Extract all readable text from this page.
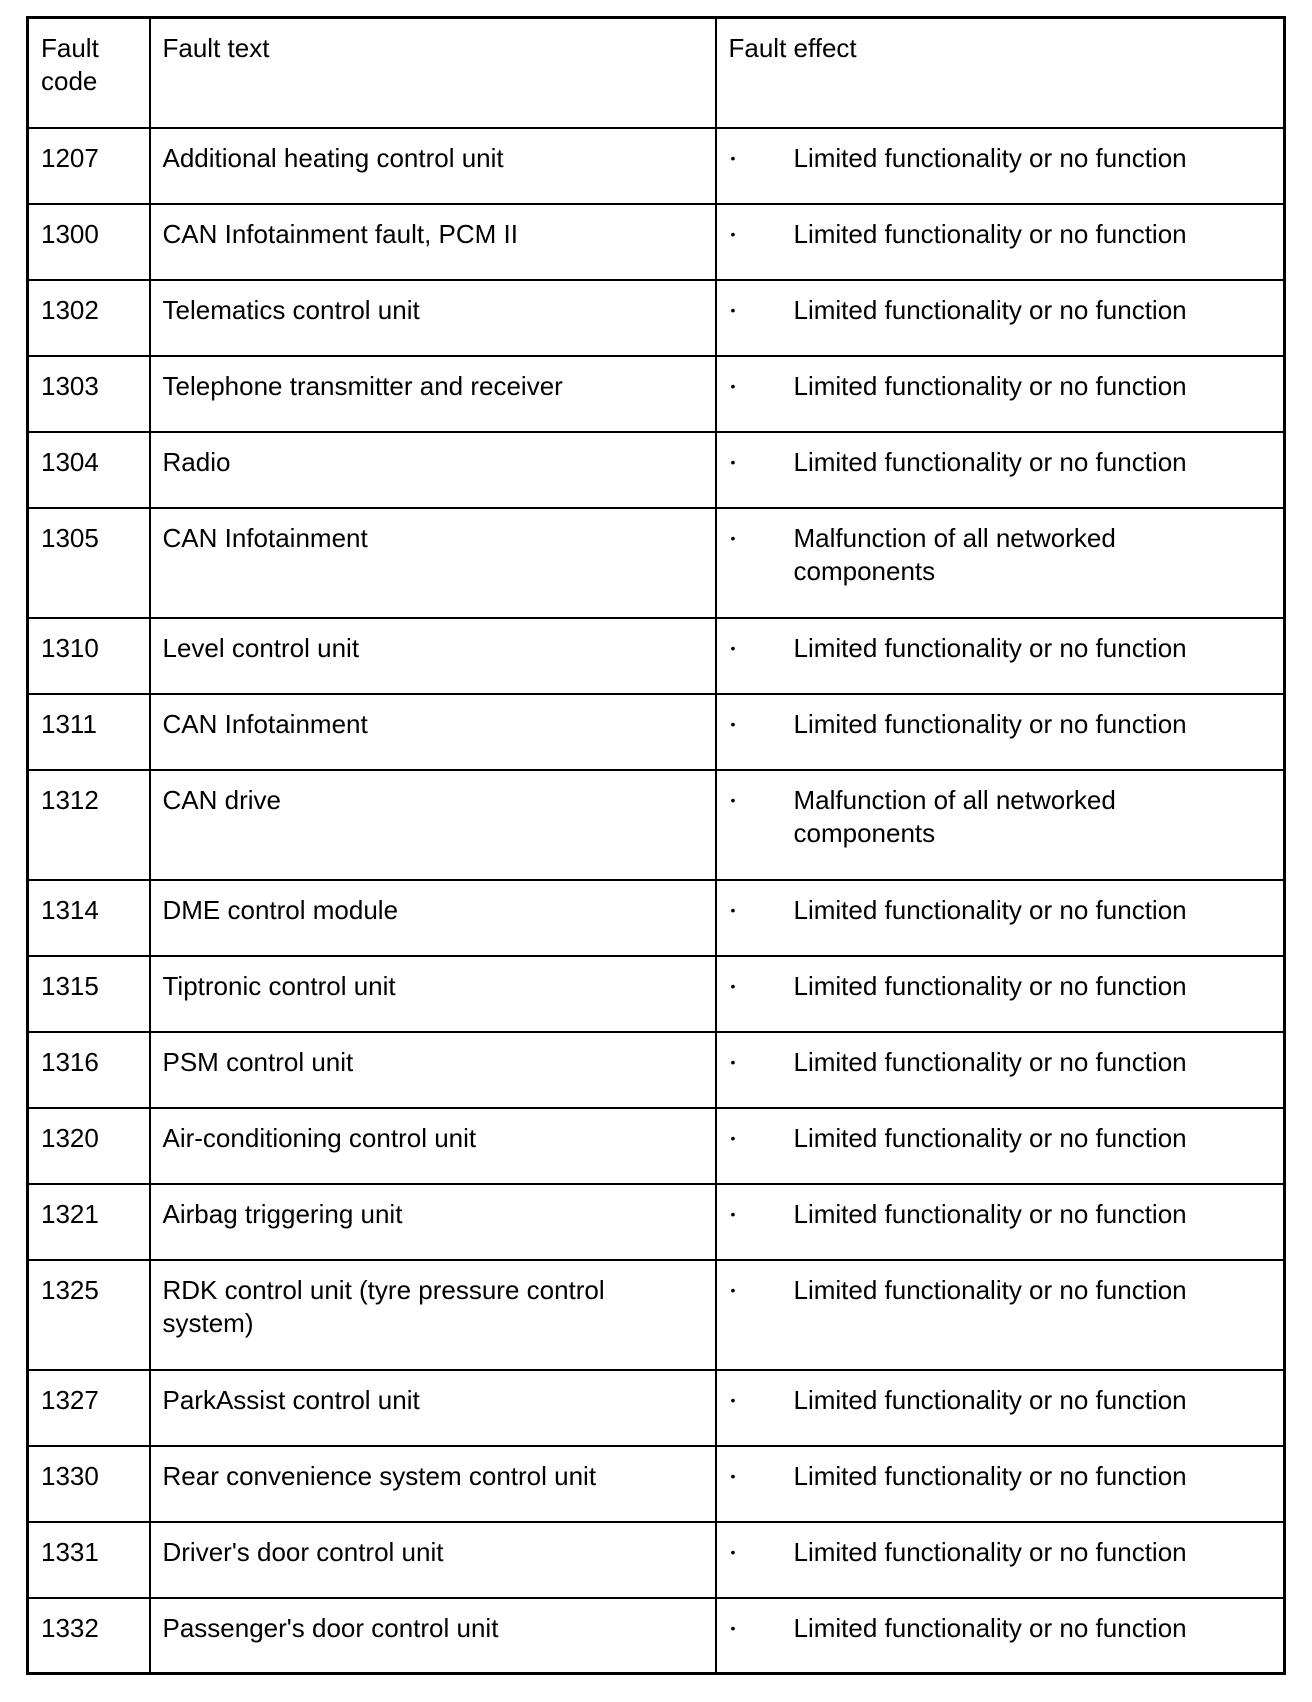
Fault
code	Fault text	Fault effect
1207	Additional heating control unit	• Limited functionality or no function

1300	CAN Infotainment fault, PCM II	• Limited functionality or no function

1302	Telematics control unit	• Limited functionality or no function

1303	Telephone transmitter and receiver	• Limited functionality or no function

1304	Radio	• Limited functionality or no function

1305	CAN Infotainment	• Malfunction of all networked components

1310	Level control unit	• Limited functionality or no function

1311	CAN Infotainment	• Limited functionality or no function

1312	CAN drive	• Malfunction of all networked components

1314	DME control module	• Limited functionality or no function

1315	Tiptronic control unit	• Limited functionality or no function

1316	PSM control unit	• Limited functionality or no function

1320	Air-conditioning control unit	• Limited functionality or no function

1321	Airbag triggering unit	• Limited functionality or no function

1325	RDK control unit (tyre pressure control system)	• Limited functionality or no function

1327	ParkAssist control unit	• Limited functionality or no function

1330	Rear convenience system control unit	• Limited functionality or no function

1331	Driver's door control unit	• Limited functionality or no function

1332	Passenger's door control unit	• Limited functionality or no function
